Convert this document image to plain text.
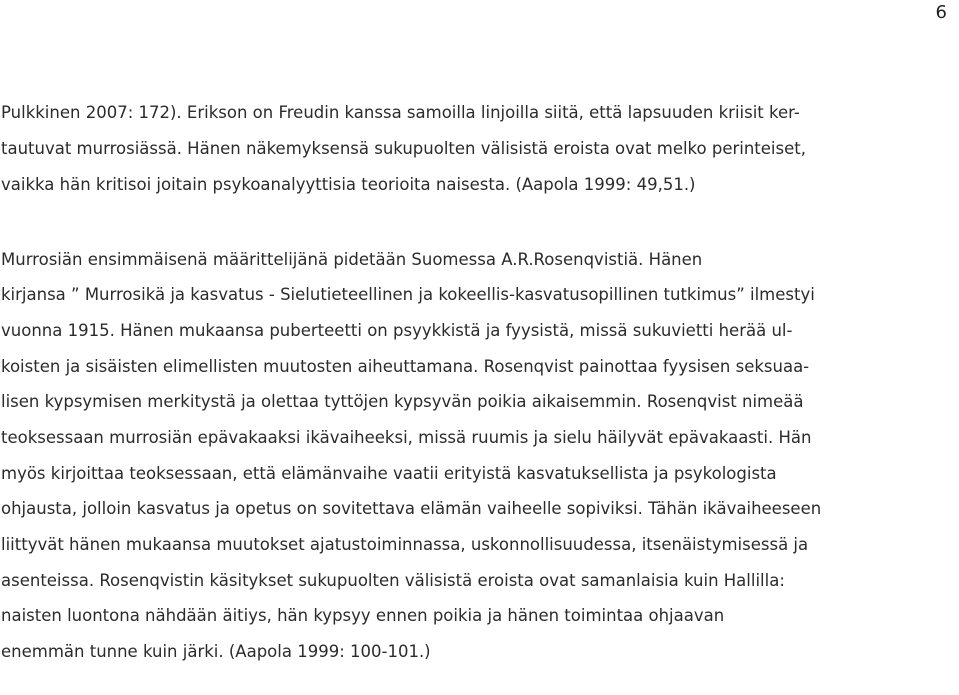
6
Pulkkinen 2007: 172). Erikson on Freudin kanssa samoilla linjoilla siitä, että lapsuuden kriisit ker-
tautuvat murrosiässä. Hänen näkemyksensä sukupuolten välisistä eroista ovat melko perinteiset,
vaikka hän kritisoi joitain psykoanalyyttisia teorioita naisesta. (Aapola 1999: 49,51.)
Murrosiän ensimmäisenä määrittelijänä pidetään Suomessa A.R.Rosenqvistiä. Hänen
kirjansa ” Murrosikä ja kasvatus - Sielutieteellinen ja kokeellis-kasvatusopillinen tutkimus” ilmestyi
vuonna 1915. Hänen mukaansa puberteetti on psyykkistä ja fyysistä, missä sukuvietti herää ul-
koisten ja sisäisten elimellisten muutosten aiheuttamana. Rosenqvist painottaa fyysisen seksuaa-
lisen kypsymisen merkitystä ja olettaa tyttöjen kypsyvän poikia aikaisemmin. Rosenqvist nimeää
teoksessaan murrosiän epävakaaksi ikävaiheeksi, missä ruumis ja sielu häilyvät epävakaasti. Hän
myös kirjoittaa teoksessaan, että elämänvaihe vaatii erityistä kasvatuksellista ja psykologista
ohjausta, jolloin kasvatus ja opetus on sovitettava elämän vaiheelle sopiviksi. Tähän ikävaiheeseen
liittyvät hänen mukaansa muutokset ajatustoiminnassa, uskonnollisuudessa, itsenäistymisessä ja
asenteissa. Rosenqvistin käsitykset sukupuolten välisistä eroista ovat samanlaisia kuin Hallilla:
naisten luontona nähdään äitiys, hän kypsyy ennen poikia ja hänen toimintaa ohjaavan
enemmän tunne kuin järki. (Aapola 1999: 100-101.)
